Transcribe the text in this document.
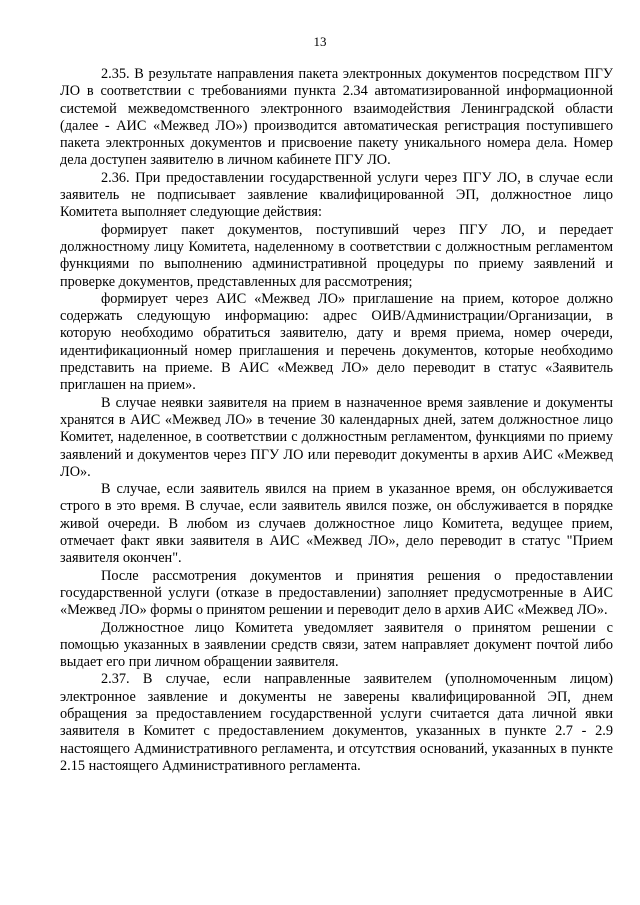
13

2.35. В результате направления пакета электронных документов посредством ПГУ ЛО в соответствии с требованиями пункта 2.34 автоматизированной информационной системой межведомственного электронного взаимодействия Ленинградской области (далее - АИС «Межвед ЛО») производится автоматическая регистрация поступившего пакета электронных документов и присвоение пакету уникального номера дела. Номер дела доступен заявителю в личном кабинете ПГУ ЛО.

2.36. При предоставлении государственной услуги через ПГУ ЛО, в случае если заявитель не подписывает заявление квалифицированной ЭП, должностное лицо Комитета выполняет следующие действия:

формирует пакет документов, поступивший через ПГУ ЛО, и передает должностному лицу Комитета, наделенному в соответствии с должностным регламентом функциями по выполнению административной процедуры по приему заявлений и проверке документов, представленных для рассмотрения;

формирует через АИС «Межвед ЛО» приглашение на прием, которое должно содержать следующую информацию: адрес ОИВ/Администрации/Организации, в которую необходимо обратиться заявителю, дату и время приема, номер очереди, идентификационный номер приглашения и перечень документов, которые необходимо представить на приеме. В АИС «Межвед ЛО» дело переводит в статус «Заявитель приглашен на прием».

В случае неявки заявителя на прием в назначенное время заявление и документы хранятся в АИС «Межвед ЛО» в течение 30 календарных дней, затем должностное лицо Комитет, наделенное, в соответствии с должностным регламентом, функциями по приему заявлений и документов через ПГУ ЛО или переводит документы в архив АИС «Межвед ЛО».

В случае, если заявитель явился на прием в указанное время, он обслуживается строго в это время. В случае, если заявитель явился позже, он обслуживается в порядке живой очереди. В любом из случаев должностное лицо Комитета, ведущее прием, отмечает факт явки заявителя в АИС «Межвед ЛО», дело переводит в статус "Прием заявителя окончен".

После рассмотрения документов и принятия решения о предоставлении государственной услуги (отказе в предоставлении) заполняет предусмотренные в АИС «Межвед ЛО» формы о принятом решении и переводит дело в архив АИС «Межвед ЛО».

Должностное лицо Комитета уведомляет заявителя о принятом решении с помощью указанных в заявлении средств связи, затем направляет документ почтой либо выдает его при личном обращении заявителя.

2.37. В случае, если направленные заявителем (уполномоченным лицом) электронное заявление и документы не заверены квалифицированной ЭП, днем обращения за предоставлением государственной услуги считается дата личной явки заявителя в Комитет с предоставлением документов, указанных в пункте 2.7 - 2.9 настоящего Административного регламента, и отсутствия оснований, указанных в пункте 2.15 настоящего Административного регламента.
